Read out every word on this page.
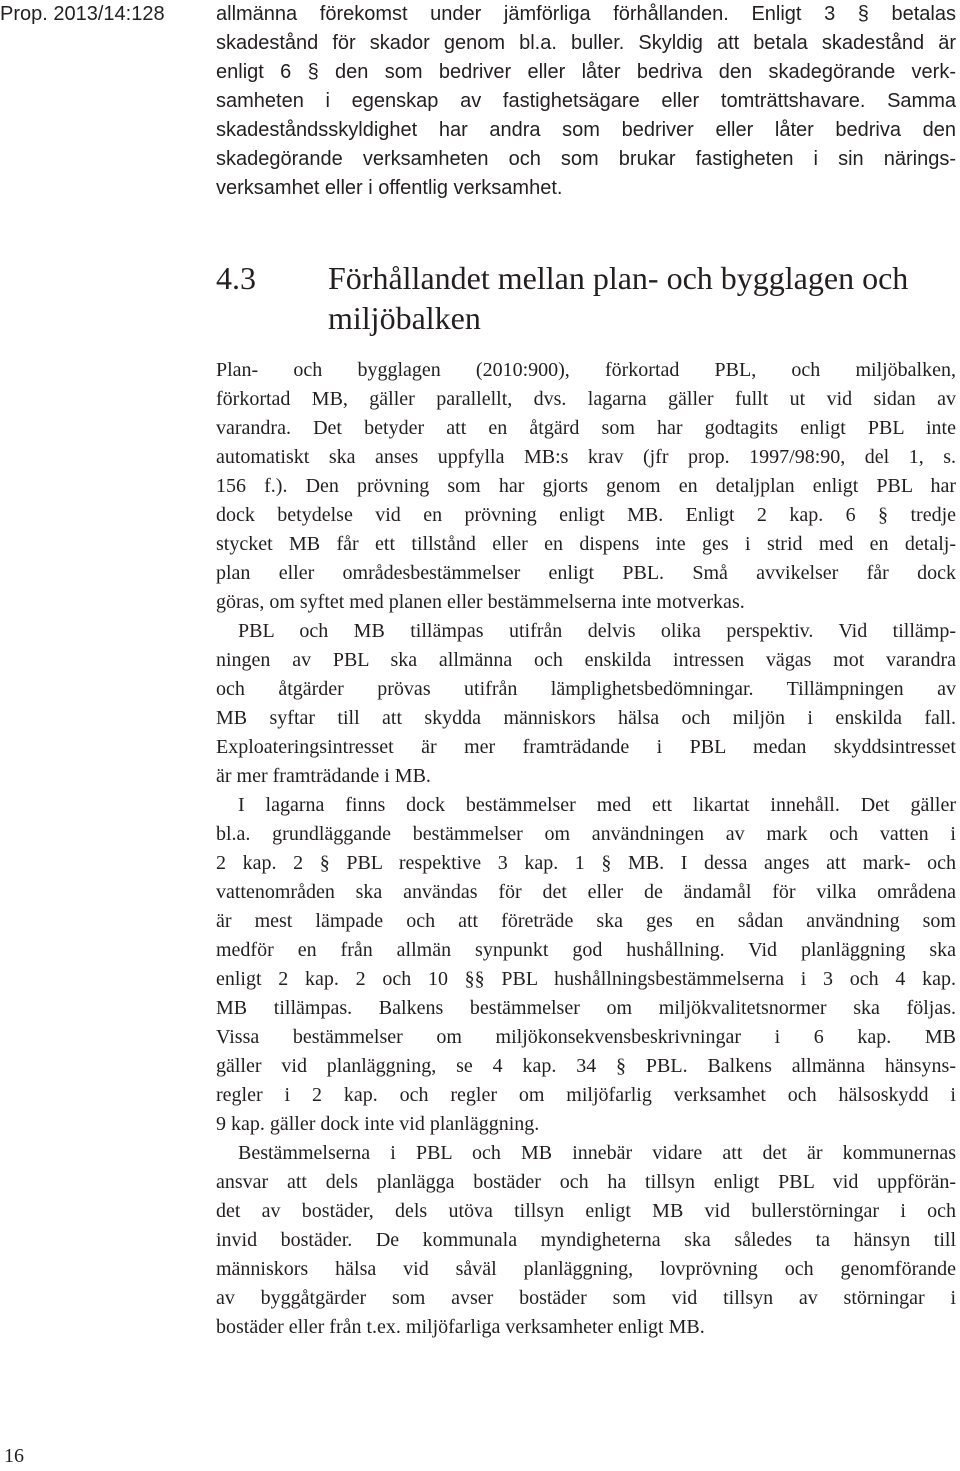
Prop. 2013/14:128	allmänna förekomst under jämförliga förhållanden. Enligt 3 § betalas
skadestånd för skador genom bl.a. buller. Skyldig att betala skadestånd är
enligt 6 § den som bedriver eller låter bedriva den skadegörande verk-
samheten i egenskap av fastighetsägare eller tomträttshavare. Samma
skadeståndsskyldighet har andra som bedriver eller låter bedriva den
skadegörande verksamheten och som brukar fastigheten i sin närings-
verksamhet eller i offentlig verksamhet.
4.3	Förhållandet mellan plan- och bygglagen och
miljöbalken
Plan- och bygglagen (2010:900), förkortad PBL, och miljöbalken,
förkortad MB, gäller parallellt, dvs. lagarna gäller fullt ut vid sidan av
varandra. Det betyder att en åtgärd som har godtagits enligt PBL inte
automatiskt ska anses uppfylla MB:s krav (jfr prop. 1997/98:90, del 1, s.
156 f.). Den prövning som har gjorts genom en detaljplan enligt PBL har
dock betydelse vid en prövning enligt MB. Enligt 2 kap. 6 § tredje
stycket MB får ett tillstånd eller en dispens inte ges i strid med en detalj-
plan eller områdesbestämmelser enligt PBL. Små avvikelser får dock
göras, om syftet med planen eller bestämmelserna inte motverkas.
PBL och MB tillämpas utifrån delvis olika perspektiv. Vid tillämp-
ningen av PBL ska allmänna och enskilda intressen vägas mot varandra
och åtgärder prövas utifrån lämplighetsbedömningar. Tillämpningen av
MB syftar till att skydda människors hälsa och miljön i enskilda fall.
Exploateringsintresset är mer framträdande i PBL medan skyddsintresset
är mer framträdande i MB.
I lagarna finns dock bestämmelser med ett likartat innehåll. Det gäller
bl.a. grundläggande bestämmelser om användningen av mark och vatten i
2 kap. 2 § PBL respektive 3 kap. 1 § MB. I dessa anges att mark- och
vattenområden ska användas för det eller de ändamål för vilka områdena
är mest lämpade och att företräde ska ges en sådan användning som
medför en från allmän synpunkt god hushållning. Vid planläggning ska
enligt 2 kap. 2 och 10 §§ PBL hushållningsbestämmelserna i 3 och 4 kap.
MB tillämpas. Balkens bestämmelser om miljökvalitetsnormer ska följas.
Vissa bestämmelser om miljökonsekvensbeskrivningar i 6 kap. MB
gäller vid planläggning, se 4 kap. 34 § PBL. Balkens allmänna hänsyns-
regler i 2 kap. och regler om miljöfarlig verksamhet och hälsoskydd i
9 kap. gäller dock inte vid planläggning.
Bestämmelserna i PBL och MB innebär vidare att det är kommunernas
ansvar att dels planlägga bostäder och ha tillsyn enligt PBL vid uppförän-
det av bostäder, dels utöva tillsyn enligt MB vid bullerstörningar i och
invid bostäder. De kommunala myndigheterna ska således ta hänsyn till
människors hälsa vid såväl planläggning, lovprövning och genomförande
av byggåtgärder som avser bostäder som vid tillsyn av störningar i
bostäder eller från t.ex. miljöfarliga verksamheter enligt MB.
16
